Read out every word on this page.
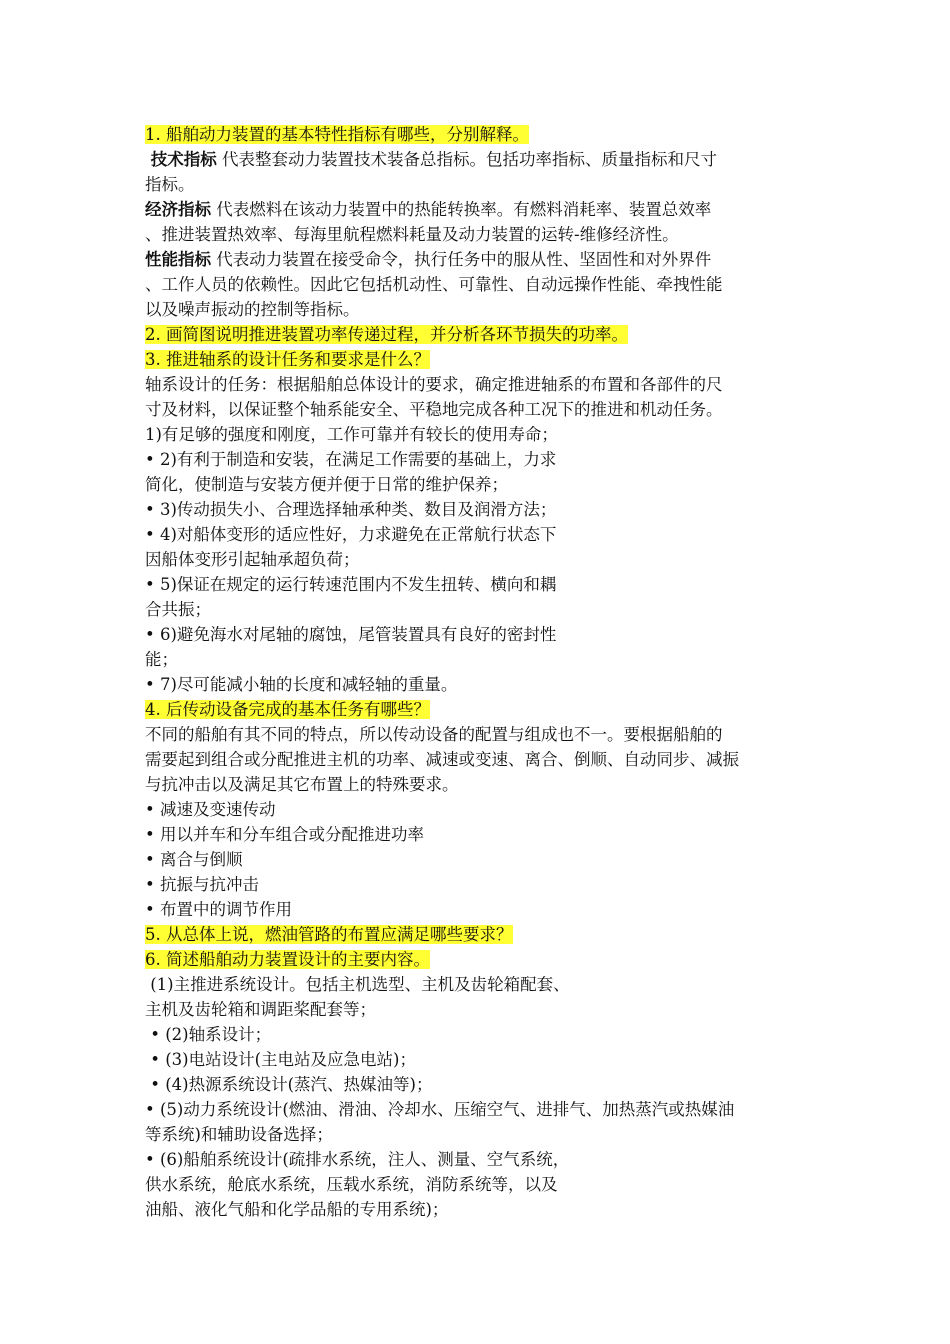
1. 船舶动力装置的基本特性指标有哪些，分别解释。
技术指标 代表整套动力装置技术装备总指标。包括功率指标、质量指标和尺寸
指标。
经济指标 代表燃料在该动力装置中的热能转换率。有燃料消耗率、装置总效率
、推进装置热效率、每海里航程燃料耗量及动力装置的运转-维修经济性。
性能指标 代表动力装置在接受命令，执行任务中的服从性、坚固性和对外界件
、工作人员的依赖性。因此它包括机动性、可靠性、自动远操作性能、牵拽性能
以及噪声振动的控制等指标。
2. 画简图说明推进装置功率传递过程，并分析各环节损失的功率。
3. 推进轴系的设计任务和要求是什么？
轴系设计的任务：根据船舶总体设计的要求，确定推进轴系的布置和各部件的尺
寸及材料，以保证整个轴系能安全、平稳地完成各种工况下的推进和机动任务。
1)有足够的强度和刚度，工作可靠并有较长的使用寿命；
• 2)有利于制造和安装，在满足工作需要的基础上，力求
简化，使制造与安装方便并便于日常的维护保养；
• 3)传动损失小、合理选择轴承种类、数目及润滑方法；
• 4)对船体变形的适应性好，力求避免在正常航行状态下
因船体变形引起轴承超负荷；
• 5)保证在规定的运行转速范围内不发生扭转、横向和耦
合共振；
• 6)避免海水对尾轴的腐蚀，尾管装置具有良好的密封性
能；
• 7)尽可能减小轴的长度和减轻轴的重量。
4. 后传动设备完成的基本任务有哪些？
不同的船舶有其不同的特点，所以传动设备的配置与组成也不一。要根据船舶的
需要起到组合或分配推进主机的功率、减速或变速、离合、倒顺、自动同步、减振
与抗冲击以及满足其它布置上的特殊要求。
• 减速及变速传动
• 用以并车和分车组合或分配推进功率
• 离合与倒顺
• 抗振与抗冲击
• 布置中的调节作用
5. 从总体上说，燃油管路的布置应满足哪些要求？
6. 简述船舶动力装置设计的主要内容。
(1)主推进系统设计。包括主机选型、主机及齿轮箱配套、
主机及齿轮箱和调距桨配套等；
• (2)轴系设计；
• (3)电站设计(主电站及应急电站)；
• (4)热源系统设计(蒸汽、热媒油等)；
• (5)动力系统设计(燃油、滑油、冷却水、压缩空气、进排气、加热蒸汽或热媒油
等系统)和辅助设备选择；
• (6)船舶系统设计(疏排水系统，注人、测量、空气系统，
供水系统，舱底水系统，压载水系统，消防系统等，以及
油船、液化气船和化学品船的专用系统)；
